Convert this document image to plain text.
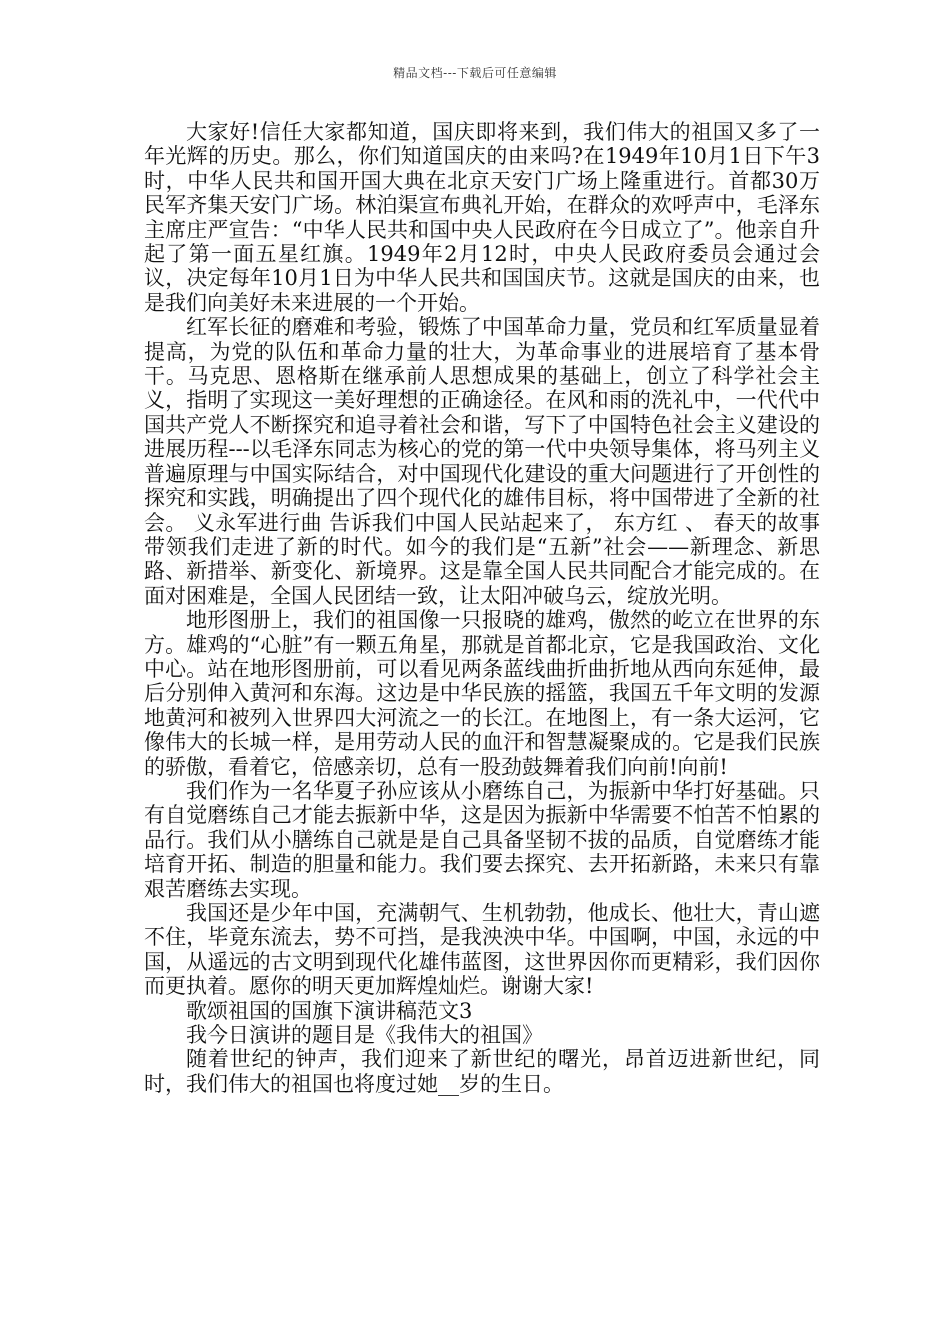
精品文档---下载后可任意编辑

大家好!信任大家都知道，国庆即将来到，我们伟大的祖国又多了一年光辉的历史。那么，你们知道国庆的由来吗?在1949年10月1日下午3时，中华人民共和国开国大典在北京天安门广场上隆重进行。首都30万民军齐集天安门广场。林泊渠宣布典礼开始，在群众的欢呼声中，毛泽东主席庄严宣告：“中华人民共和国中央人民政府在今日成立了”。他亲自升起了第一面五星红旗。1949年2月12时，中央人民政府委员会通过会议，决定每年10月1日为中华人民共和国国庆节。这就是国庆的由来，也是我们向美好未来进展的一个开始。

红军长征的磨难和考验，锻炼了中国革命力量，党员和红军质量显着提高，为党的队伍和革命力量的壮大，为革命事业的进展培育了基本骨干。马克思、恩格斯在继承前人思想成果的基础上，创立了科学社会主义，指明了实现这一美好理想的正确途径。在风和雨的洗礼中，一代代中国共产党人不断探究和追寻着社会和谐，写下了中国特色社会主义建设的进展历程---以毛泽东同志为核心的党的第一代中央领导集体，将马列主义普遍原理与中国实际结合，对中国现代化建设的重大问题进行了开创性的探究和实践，明确提出了四个现代化的雄伟目标，将中国带进了全新的社会。 义永军进行曲 告诉我们中国人民站起来了， 东方红 、 春天的故事 带领我们走进了新的时代。如今的我们是“五新”社会——新理念、新思路、新措举、新变化、新境界。这是靠全国人民共同配合才能完成的。在面对困难是，全国人民团结一致，让太阳冲破乌云，绽放光明。

地形图册上，我们的祖国像一只报晓的雄鸡，傲然的屹立在世界的东方。雄鸡的“心脏”有一颗五角星，那就是首都北京，它是我国政治、文化中心。站在地形图册前，可以看见两条蓝线曲折曲折地从西向东延伸，最后分别伸入黄河和东海。这边是中华民族的摇篮，我国五千年文明的发源地黄河和被列入世界四大河流之一的长江。在地图上，有一条大运河，它像伟大的长城一样，是用劳动人民的血汗和智慧凝聚成的。它是我们民族的骄傲，看着它，倍感亲切，总有一股劲鼓舞着我们向前!向前!

我们作为一名华夏子孙应该从小磨练自己，为振新中华打好基础。只有自觉磨练自己才能去振新中华，这是因为振新中华需要不怕苦不怕累的品行。我们从小膳练自己就是是自己具备坚韧不拔的品质，自觉磨练才能培育开拓、制造的胆量和能力。我们要去探究、去开拓新路，未来只有靠艰苦磨练去实现。

我国还是少年中国，充满朝气、生机勃勃，他成长、他壮大，青山遮不住，毕竟东流去，势不可挡，是我泱泱中华。中国啊，中国，永远的中国，从遥远的古文明到现代化雄伟蓝图，这世界因你而更精彩，我们因你而更执着。愿你的明天更加辉煌灿烂。谢谢大家!

歌颂祖国的国旗下演讲稿范文3

我今日演讲的题目是《我伟大的祖国》

随着世纪的钟声，我们迎来了新世纪的曙光，昂首迈进新世纪，同时，我们伟大的祖国也将度过她__岁的生日。
